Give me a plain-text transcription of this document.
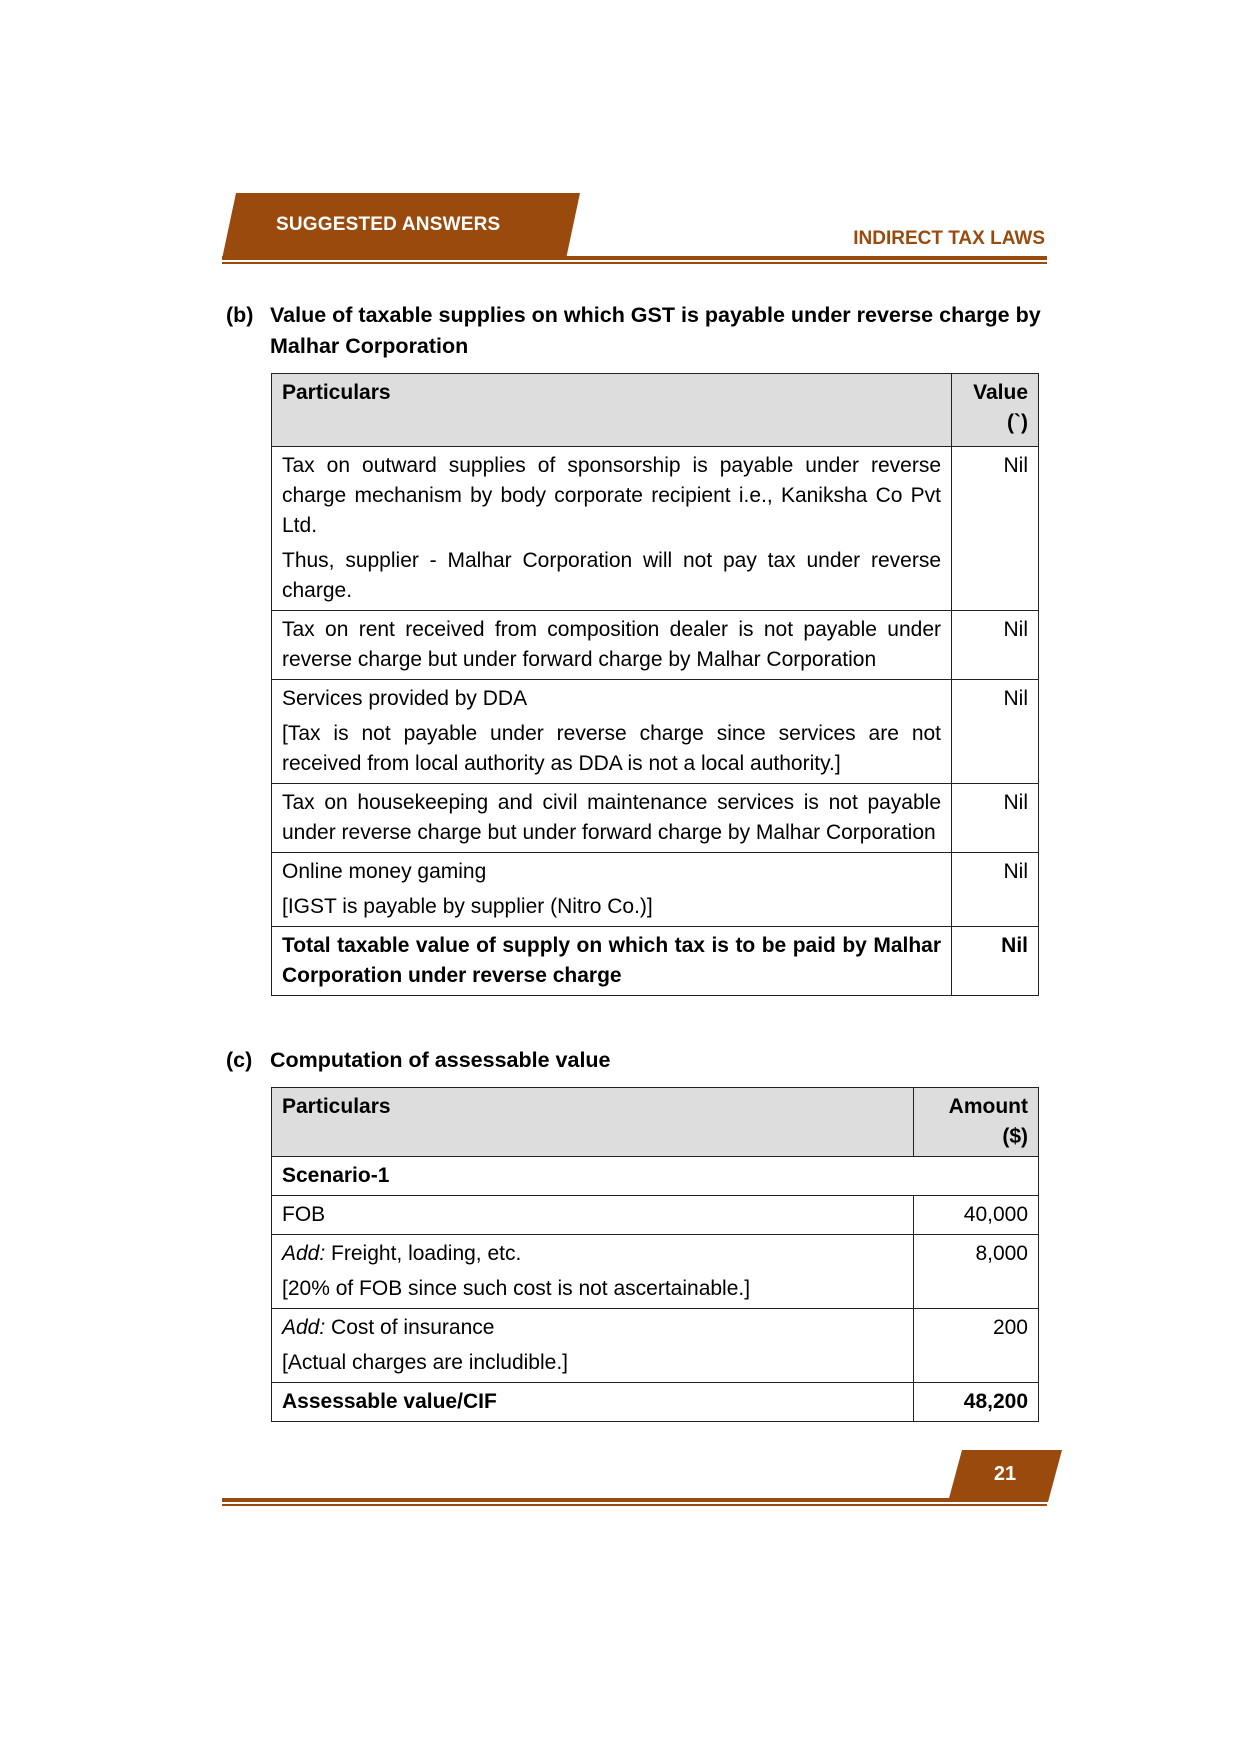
SUGGESTED ANSWERS
INDIRECT TAX LAWS
(b) Value of taxable supplies on which GST is payable under reverse charge by Malhar Corporation
Particulars	Value
(`)

Tax on outward supplies of sponsorship is payable under reverse charge mechanism by body corporate recipient i.e., Kaniksha Co Pvt Ltd.
Thus, supplier - Malhar Corporation will not pay tax under reverse charge.	Nil

Tax on rent received from composition dealer is not payable under reverse charge but under forward charge by Malhar Corporation	Nil

Services provided by DDA
[Tax is not payable under reverse charge since services are not received from local authority as DDA is not a local authority.]	Nil

Tax on housekeeping and civil maintenance services is not payable under reverse charge but under forward charge by Malhar Corporation	Nil

Online money gaming
[IGST is payable by supplier (Nitro Co.)]	Nil
Total taxable value of supply on which tax is to be paid by Malhar Corporation under reverse charge	Nil
(c) Computation of assessable value
Particulars	Amount
($)

Scenario-1	
FOB	40,000

Add: Freight, loading, etc.
[20% of FOB since such cost is not ascertainable.]	8,000

Add: Cost of insurance
[Actual charges are includible.]	200
Assessable value/CIF	48,200
21
